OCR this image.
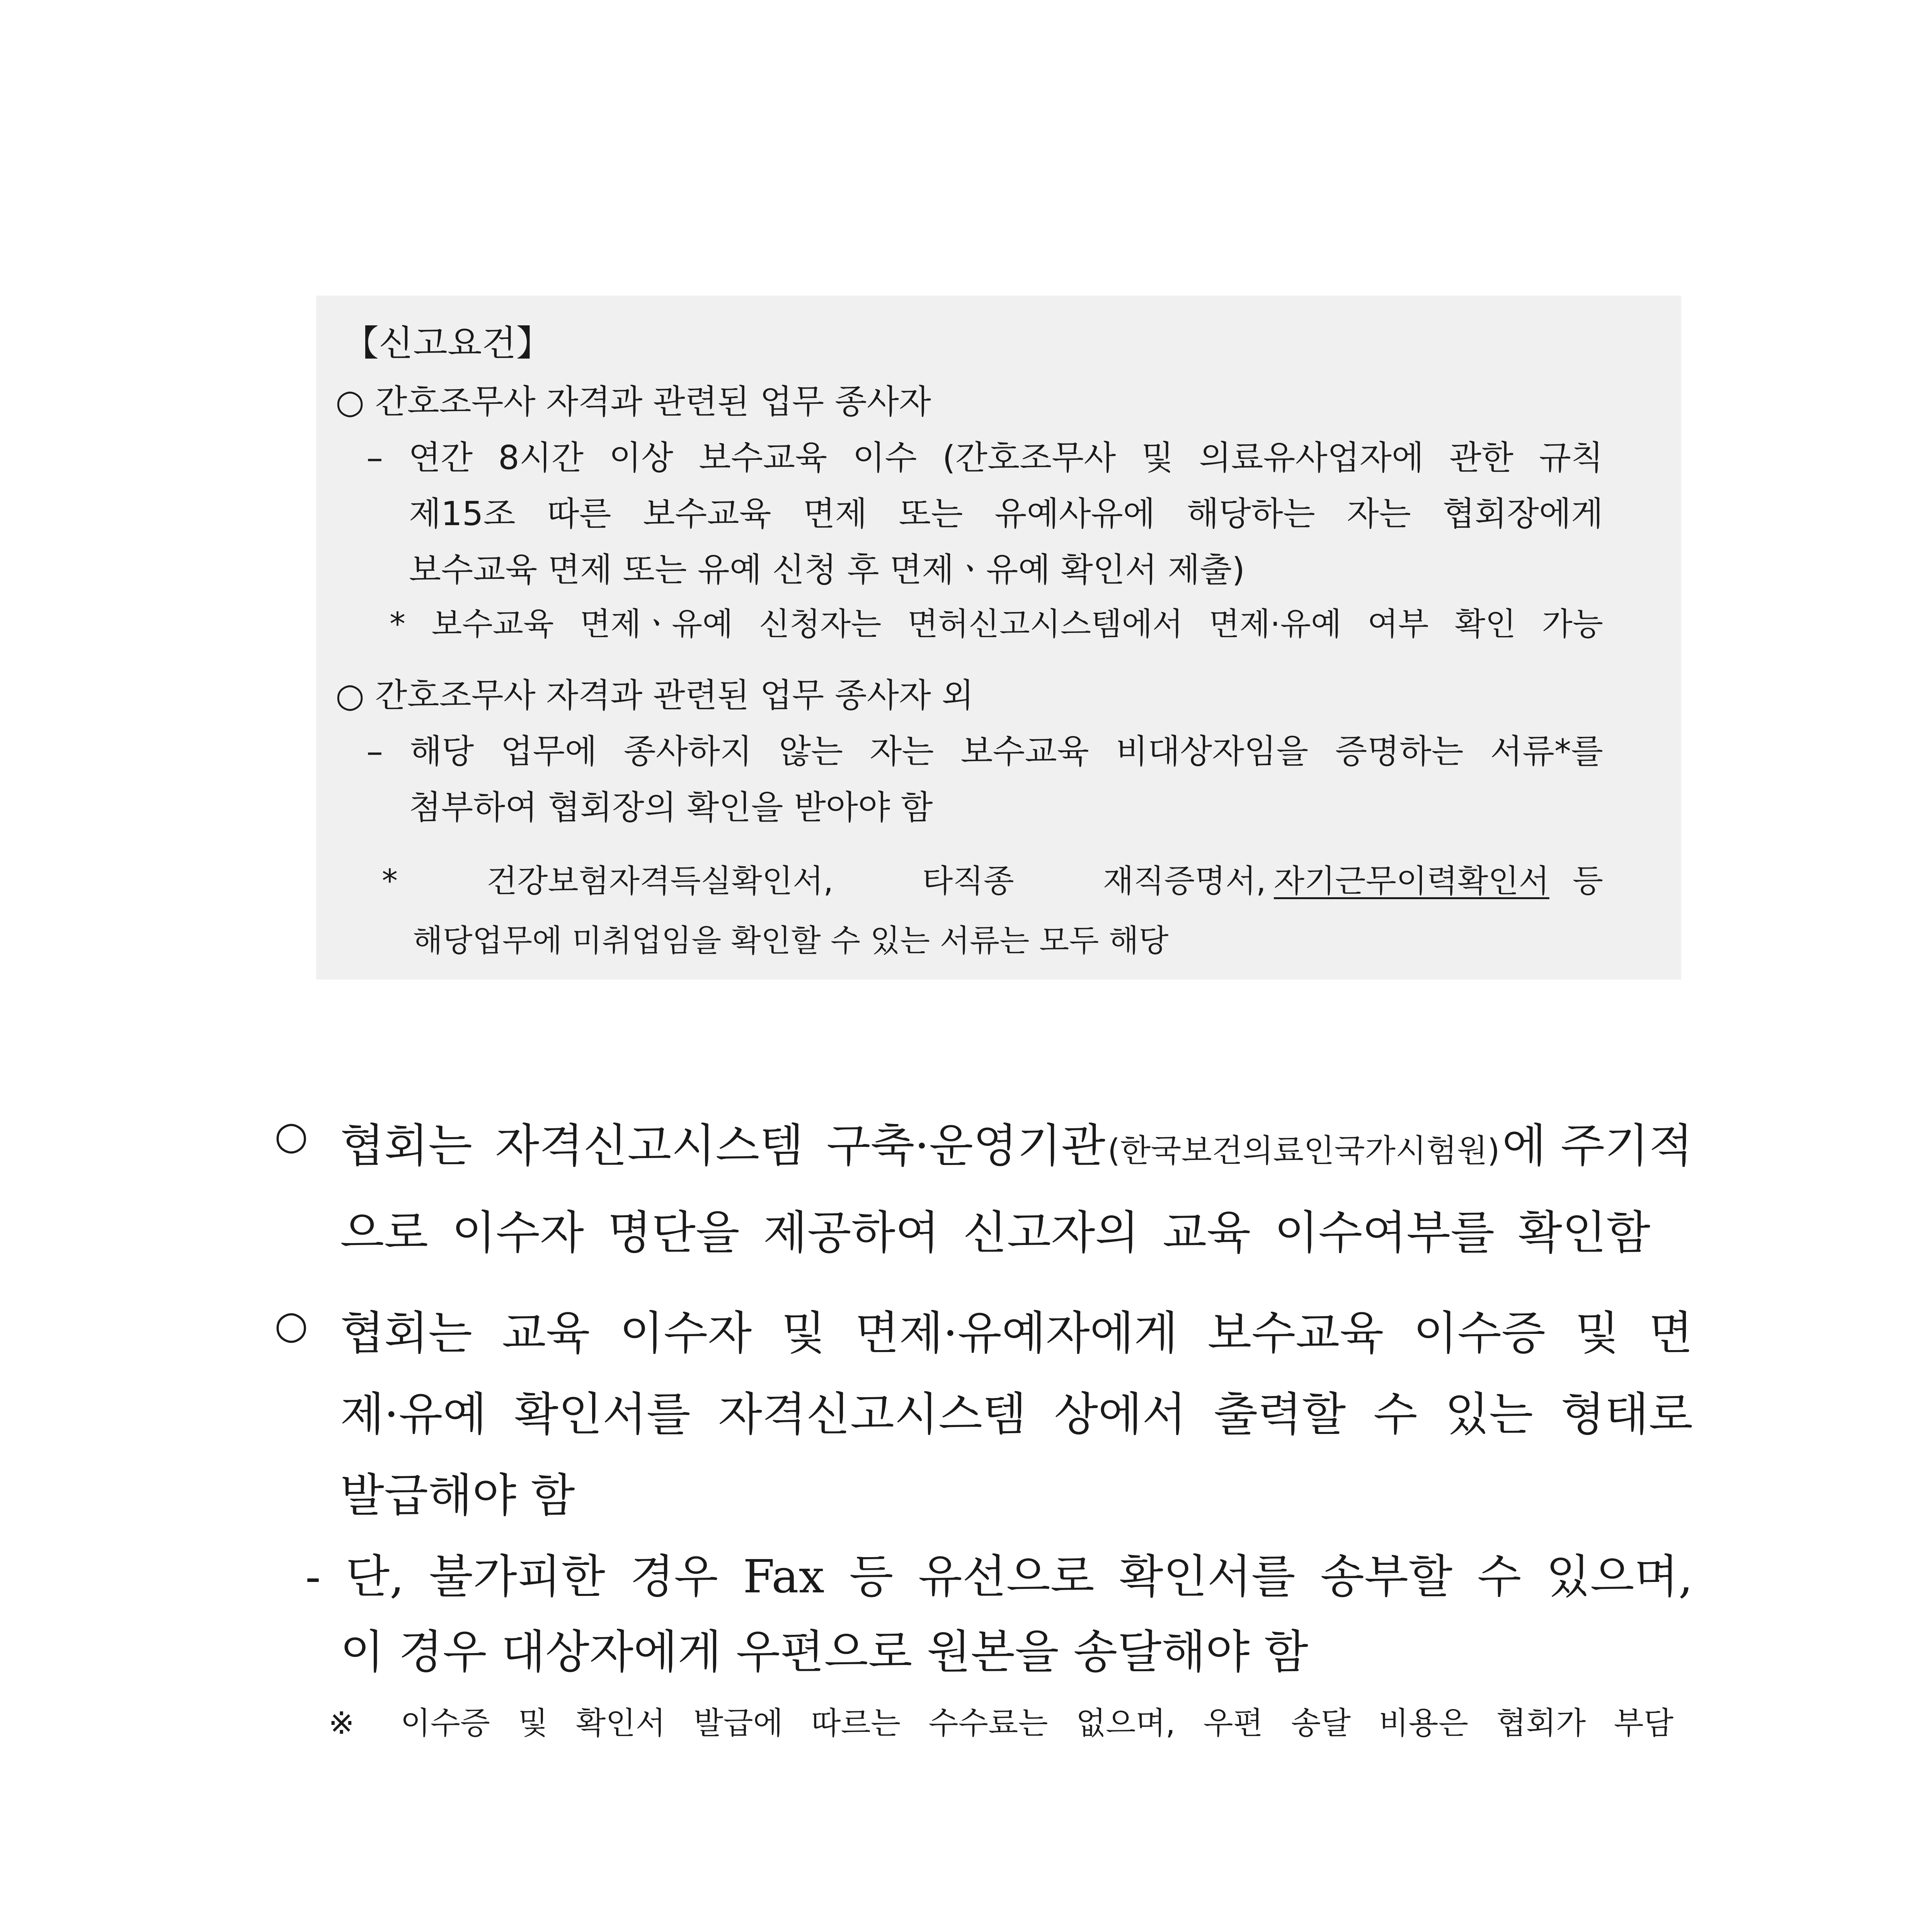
【신고요건】
○ 간호조무사 자격과 관련된 업무 종사자
– 연간 8시간 이상 보수교육 이수 (간호조무사 및 의료유사업자에 관한 규칙
제15조 따른 보수교육 면제 또는 유예사유에 해당하는 자는 협회장에게
보수교육 면제 또는 유예 신청 후 면제ㆍ유예 확인서 제출)
* 보수교육 면제ㆍ유예 신청자는 면허신고시스템에서 면제·유예 여부 확인 가능
○ 간호조무사 자격과 관련된 업무 종사자 외
– 해당 업무에 종사하지 않는 자는 보수교육 비대상자임을 증명하는 서류*를
첨부하여 협회장의 확인을 받아야 함
* 건강보험자격득실확인서, 타직종 재직증명서, 자기근무이력확인서 등
해당업무에 미취업임을 확인할 수 있는 서류는 모두 해당
○ 협회는 자격신고시스템 구축·운영기관 (한국보건의료인국가시험원) 에 주기적
으로 이수자 명단을 제공하여 신고자의 교육 이수여부를 확인함
○ 협회는 교육 이수자 및 면제·유예자에게 보수교육 이수증 및 면
제·유예 확인서를 자격신고시스템 상에서 출력할 수 있는 형태로
발급해야 함
- 단, 불가피한 경우 Fax 등 유선으로 확인서를 송부할 수 있으며,
이 경우 대상자에게 우편으로 원본을 송달해야 함
※ 이수증 및 확인서 발급에 따르는 수수료는 없으며, 우편 송달 비용은 협회가 부담
